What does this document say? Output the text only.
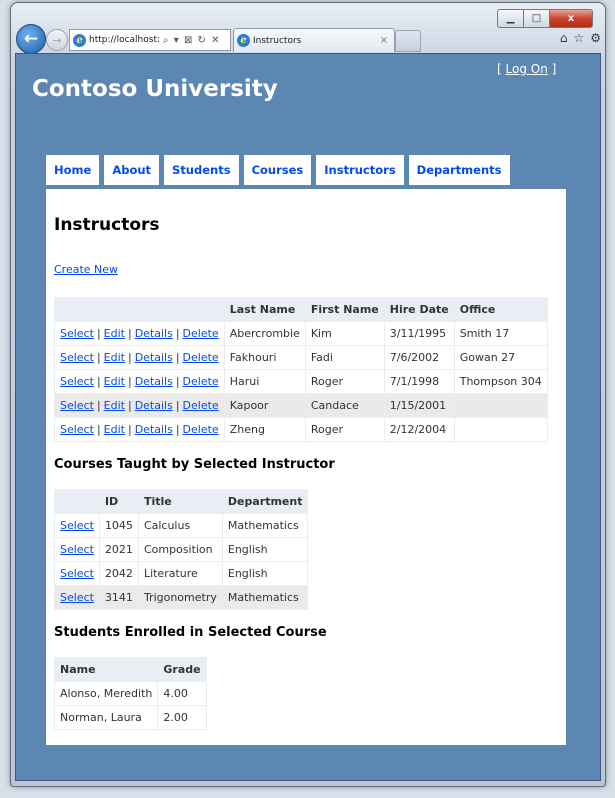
▁	□	x
←	→	e http://localhost: ⌕ ▾ ⊠ ↻ ✕	e Instructors	×	⌂ ☆ ⚙
Contoso University
[ Log On ]
Home	About	Students	Courses	Instructors	Departments
Instructors
Create New
	Last Name	First Name	Hire Date	Office
Select | Edit | Details | Delete	Abercrombie	Kim	3/11/1995	Smith 17
Select | Edit | Details | Delete	Fakhouri	Fadi	7/6/2002	Gowan 27
Select | Edit | Details | Delete	Harui	Roger	7/1/1998	Thompson 304
Select | Edit | Details | Delete	Kapoor	Candace	1/15/2001	
Select | Edit | Details | Delete	Zheng	Roger	2/12/2004	
Courses Taught by Selected Instructor
	ID	Title	Department
Select	1045	Calculus	Mathematics
Select	2021	Composition	English
Select	2042	Literature	English
Select	3141	Trigonometry	Mathematics
Students Enrolled in Selected Course
Name	Grade
Alonso, Meredith	4.00
Norman, Laura	2.00
